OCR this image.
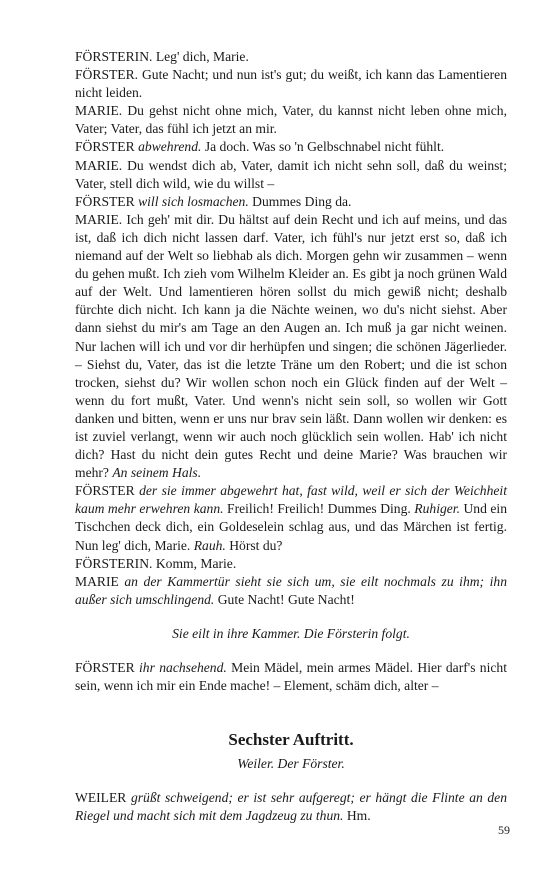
FÖRSTERIN. Leg' dich, Marie.

FÖRSTER. Gute Nacht; und nun ist's gut; du weißt, ich kann das Lamentieren nicht leiden.

MARIE. Du gehst nicht ohne mich, Vater, du kannst nicht leben ohne mich, Vater; Vater, das fühl ich jetzt an mir.

FÖRSTER abwehrend. Ja doch. Was so 'n Gelbschnabel nicht fühlt.

MARIE. Du wendst dich ab, Vater, damit ich nicht sehn soll, daß du weinst; Vater, stell dich wild, wie du willst –

FÖRSTER will sich losmachen. Dummes Ding da.

MARIE. Ich geh' mit dir. Du hältst auf dein Recht und ich auf meins, und das ist, daß ich dich nicht lassen darf. Vater, ich fühl's nur jetzt erst so, daß ich niemand auf der Welt so liebhab als dich. Morgen gehn wir zusammen – wenn du gehen mußt. Ich zieh vom Wilhelm Kleider an. Es gibt ja noch grünen Wald auf der Welt. Und lamentieren hören sollst du mich gewiß nicht; deshalb fürchte dich nicht. Ich kann ja die Nächte weinen, wo du's nicht siehst. Aber dann siehst du mir's am Tage an den Augen an. Ich muß ja gar nicht weinen. Nur lachen will ich und vor dir herhüpfen und singen; die schönen Jägerlieder. – Siehst du, Vater, das ist die letzte Träne um den Robert; und die ist schon trocken, siehst du? Wir wollen schon noch ein Glück finden auf der Welt – wenn du fort mußt, Vater. Und wenn's nicht sein soll, so wollen wir Gott danken und bitten, wenn er uns nur brav sein läßt. Dann wollen wir denken: es ist zuviel verlangt, wenn wir auch noch glücklich sein wollen. Hab' ich nicht dich? Hast du nicht dein gutes Recht und deine Marie? Was brauchen wir mehr? An seinem Hals.

FÖRSTER der sie immer abgewehrt hat, fast wild, weil er sich der Weichheit kaum mehr erwehren kann. Freilich! Freilich! Dummes Ding. Ruhiger. Und ein Tischchen deck dich, ein Goldeselein schlag aus, und das Märchen ist fertig. Nun leg' dich, Marie. Rauh. Hörst du?

FÖRSTERIN. Komm, Marie.

MARIE an der Kammertür sieht sie sich um, sie eilt nochmals zu ihm; ihn außer sich umschlingend. Gute Nacht! Gute Nacht!

Sie eilt in ihre Kammer. Die Försterin folgt.

FÖRSTER ihr nachsehend. Mein Mädel, mein armes Mädel. Hier darf's nicht sein, wenn ich mir ein Ende mache! – Element, schäm dich, alter –

Sechster Auftritt.
Weiler. Der Förster.

WEILER grüßt schweigend; er ist sehr aufgeregt; er hängt die Flinte an den Riegel und macht sich mit dem Jagdzeug zu thun. Hm.

59
